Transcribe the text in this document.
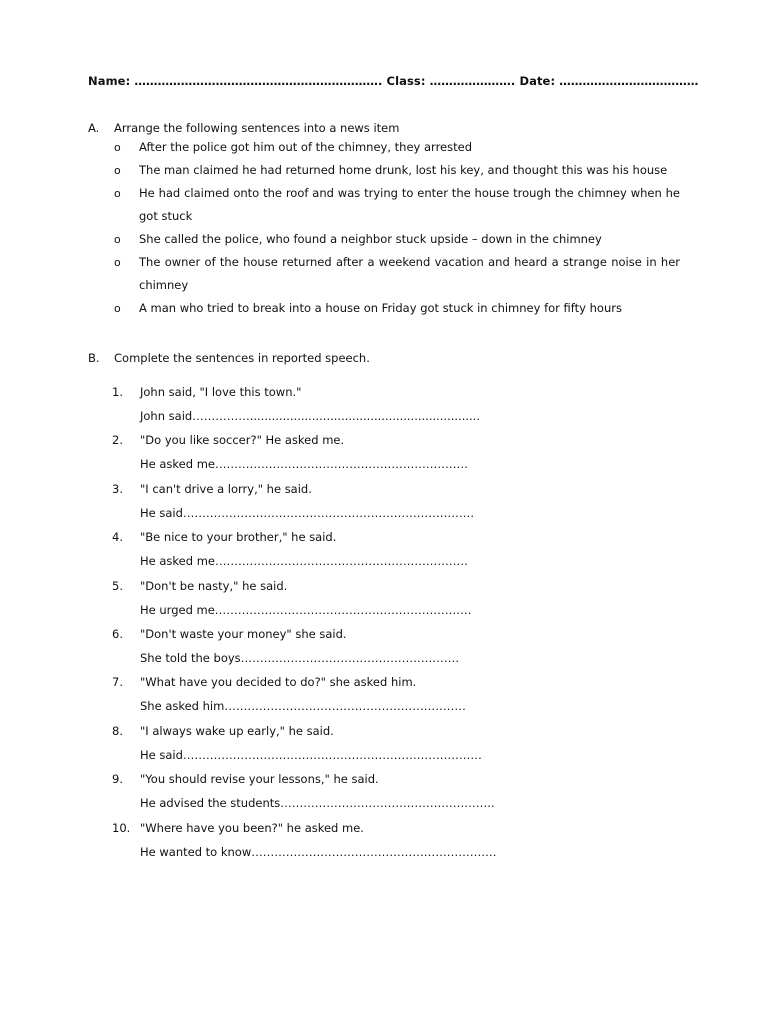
Name: ………………………………………………………. Class: …………………. Date: ………………………………
A. Arrange the following sentences into a news item
o After the police got him out of the chimney, they arrested
o The man claimed he had returned home drunk, lost his key, and thought this was his house
o He had claimed onto the roof and was trying to enter the house trough the chimney when he got stuck
o She called the police, who found a neighbor stuck upside – down in the chimney
o The owner of the house returned after a weekend vacation and heard a strange noise in her chimney
o A man who tried to break into a house on Friday got stuck in chimney for fifty hours
B. Complete the sentences in reported speech.
1. John said, "I love this town."
John said……………...............................................................
2. "Do you like soccer?" He asked me.
He asked me…………………………………………………………
3. "I can't drive a lorry," he said.
He said………………………………………………………………….
4. "Be nice to your brother," he said.
He asked me…………………………………………………………
5. "Don't be nasty," he said.
He urged me………………………………………………………….
6. "Don't waste your money" she said.
She told the boys…………………………………………………
7. "What have you decided to do?" she asked him.
She asked him………………………………………………………
8. "I always wake up early," he said.
He said……………………………………………………………………
9. "You should revise your lessons," he said.
He advised the students………………………………………………..
10. "Where have you been?" he asked me.
He wanted to know……………………………………………………….
